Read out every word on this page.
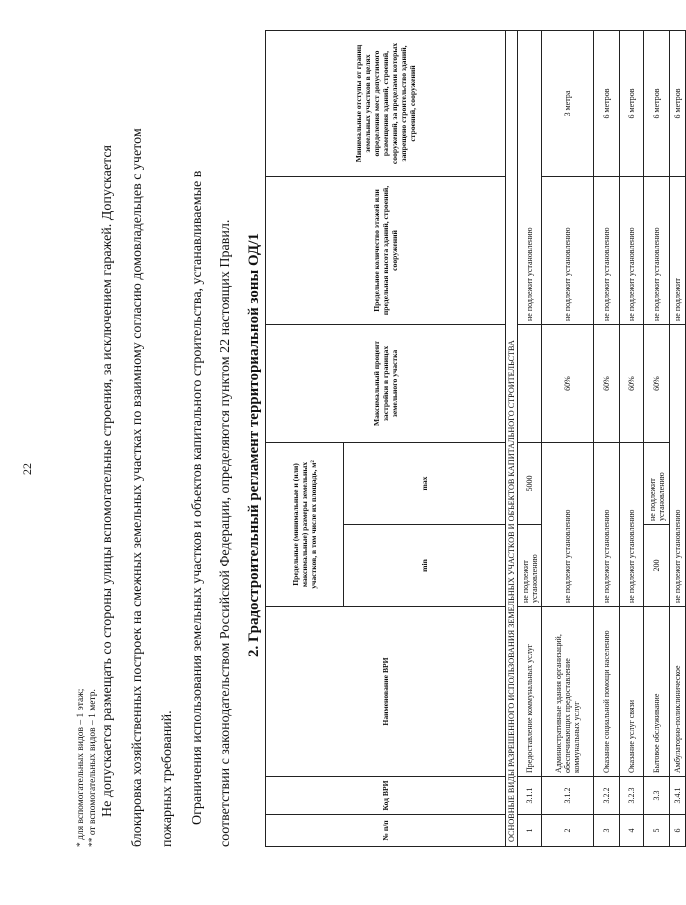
22
* для вспомогательных видов – 1 этаж; ** от вспомогательных видов – 1 метр. Не допускается размещать со стороны улицы вспомогательные строения, за исключением гаражей. Допускается блокировка хозяйственных построек на смежных земельных участках по взаимному согласию домовладельцев с учетом пожарных требований. Ограничения использования земельных участков и объектов капитального строительства, устанавливаемые в соответствии с законодательством Российской Федерации, определяются пунктом 22 настоящих Правил. 2. Градостроительный регламент территориальной зоны ОД/1
№ п/п	Код ВРИ	Наименование ВРИ	Предельные (минимальные и (или) максимальные) размеры земельных участков, в том числе их площадь, м²		Максимальный процент застройки в границах земельного участка	Предельное количество этажей или предельная высота зданий, строений, сооружений	Минимальные отступы от границ земельных участков в целях определения мест допустимого размещения зданий, строений, сооружений, за пределами которых запрещено строительство зданий, строений, сооружений
			min	max			
ОСНОВНЫЕ ВИДЫ РАЗРЕШЕННОГО ИСПОЛЬЗОВАНИЯ ЗЕМЕЛЬНЫХ УЧАСТКОВ И ОБЪЕКТОВ КАПИТАЛЬНОГО СТРОИТЕЛЬСТВА							
1	3.1.1	Предоставление коммунальных услуг	не подлежит установлению	5000		не подлежит установлению	
2	3.1.2	Административные здания организаций, обеспечивающих предоставление коммунальных услуг	не подлежит установлению		60%	не подлежит установлению	3 метра
3	3.2.2	Оказание социальной помощи населению	не подлежит установлению		60%	не подлежит установлению	6 метров
4	3.2.3	Оказание услуг связи	не подлежит установлению		60%	не подлежит установлению	6 метров
5	3.3	Бытовое обслуживание	200	не подлежит установлению	60%	не подлежит установлению	6 метров
6	3.4.1	Амбулаторно-поликлиническое	не подлежит установлению			не подлежит	6 метров
